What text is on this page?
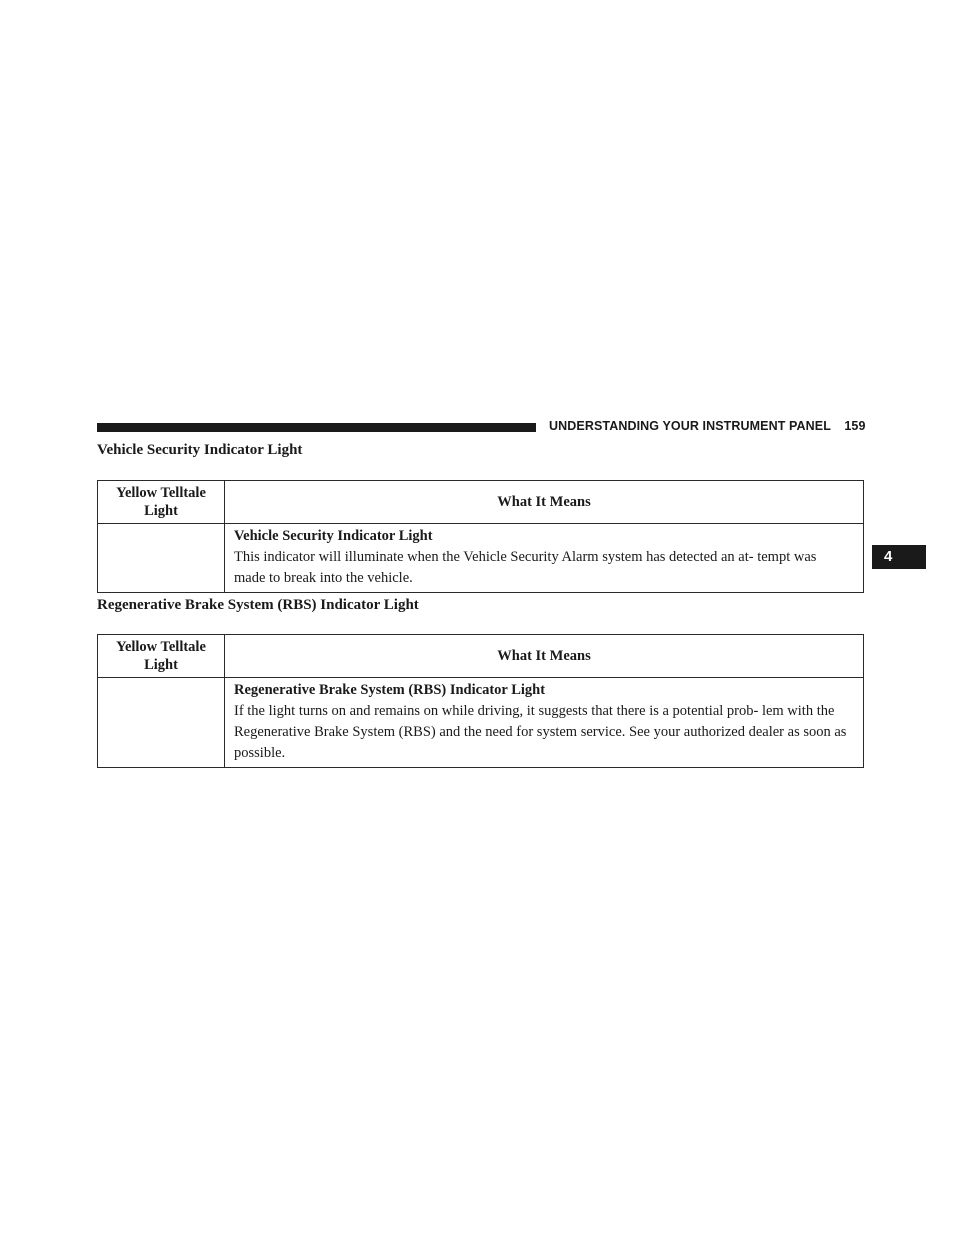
UNDERSTANDING YOUR INSTRUMENT PANEL 159
4
Vehicle Security Indicator Light
Yellow Telltale Light	What It Means

	Vehicle Security Indicator Light
This indicator will illuminate when the Vehicle Security Alarm system has detected an at- tempt was made to break into the vehicle.
Regenerative Brake System (RBS) Indicator Light
Yellow Telltale Light	What It Means

	Regenerative Brake System (RBS) Indicator Light
If the light turns on and remains on while driving, it suggests that there is a potential prob- lem with the Regenerative Brake System (RBS) and the need for system service. See your authorized dealer as soon as possible.
